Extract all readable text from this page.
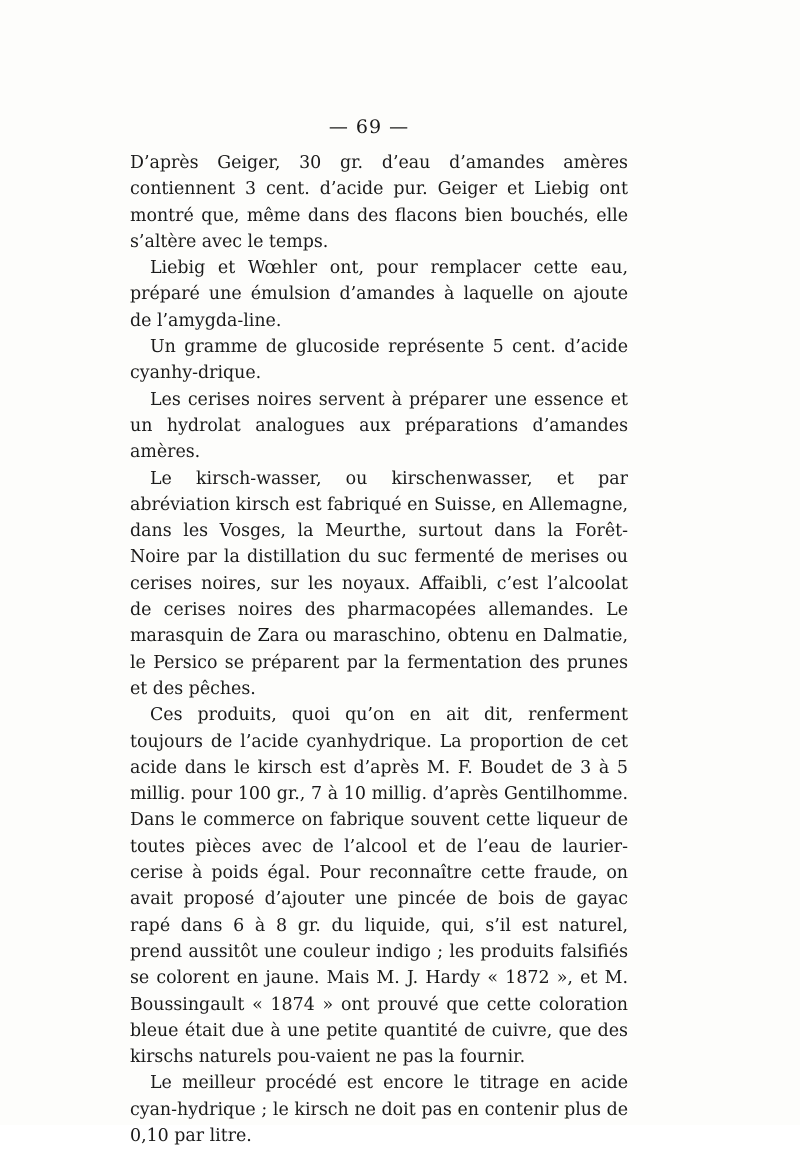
— 69 —

D’après Geiger, 30 gr. d’eau d’amandes amères contiennent 3 cent. d’acide pur. Geiger et Liebig ont montré que, même dans des flacons bien bouchés, elle s’altère avec le temps.

Liebig et Wœhler ont, pour remplacer cette eau, préparé une émulsion d’amandes à laquelle on ajoute de l’amygda-line.

Un gramme de glucoside représente 5 cent. d’acide cyanhy-drique.

Les cerises noires servent à préparer une essence et un hydrolat analogues aux préparations d’amandes amères.

Le kirsch-wasser, ou kirschenwasser, et par abréviation kirsch est fabriqué en Suisse, en Allemagne, dans les Vosges, la Meurthe, surtout dans la Forêt-Noire par la distillation du suc fermenté de merises ou cerises noires, sur les noyaux. Affaibli, c’est l’alcoolat de cerises noires des pharmacopées allemandes. Le marasquin de Zara ou maraschino, obtenu en Dalmatie, le Persico se préparent par la fermentation des prunes et des pêches.

Ces produits, quoi qu’on en ait dit, renferment toujours de l’acide cyanhydrique. La proportion de cet acide dans le kirsch est d’après M. F. Boudet de 3 à 5 millig. pour 100 gr., 7 à 10 millig. d’après Gentilhomme. Dans le commerce on fabrique souvent cette liqueur de toutes pièces avec de l’alcool et de l’eau de laurier-cerise à poids égal. Pour reconnaître cette fraude, on avait proposé d’ajouter une pincée de bois de gayac rapé dans 6 à 8 gr. du liquide, qui, s’il est naturel, prend aussitôt une couleur indigo ; les produits falsifiés se colorent en jaune. Mais M. J. Hardy « 1872 », et M. Boussingault « 1874 » ont prouvé que cette coloration bleue était due à une petite quantité de cuivre, que des kirschs naturels pou-vaient ne pas la fournir.

Le meilleur procédé est encore le titrage en acide cyan-hydrique ; le kirsch ne doit pas en contenir plus de 0,10 par litre.
